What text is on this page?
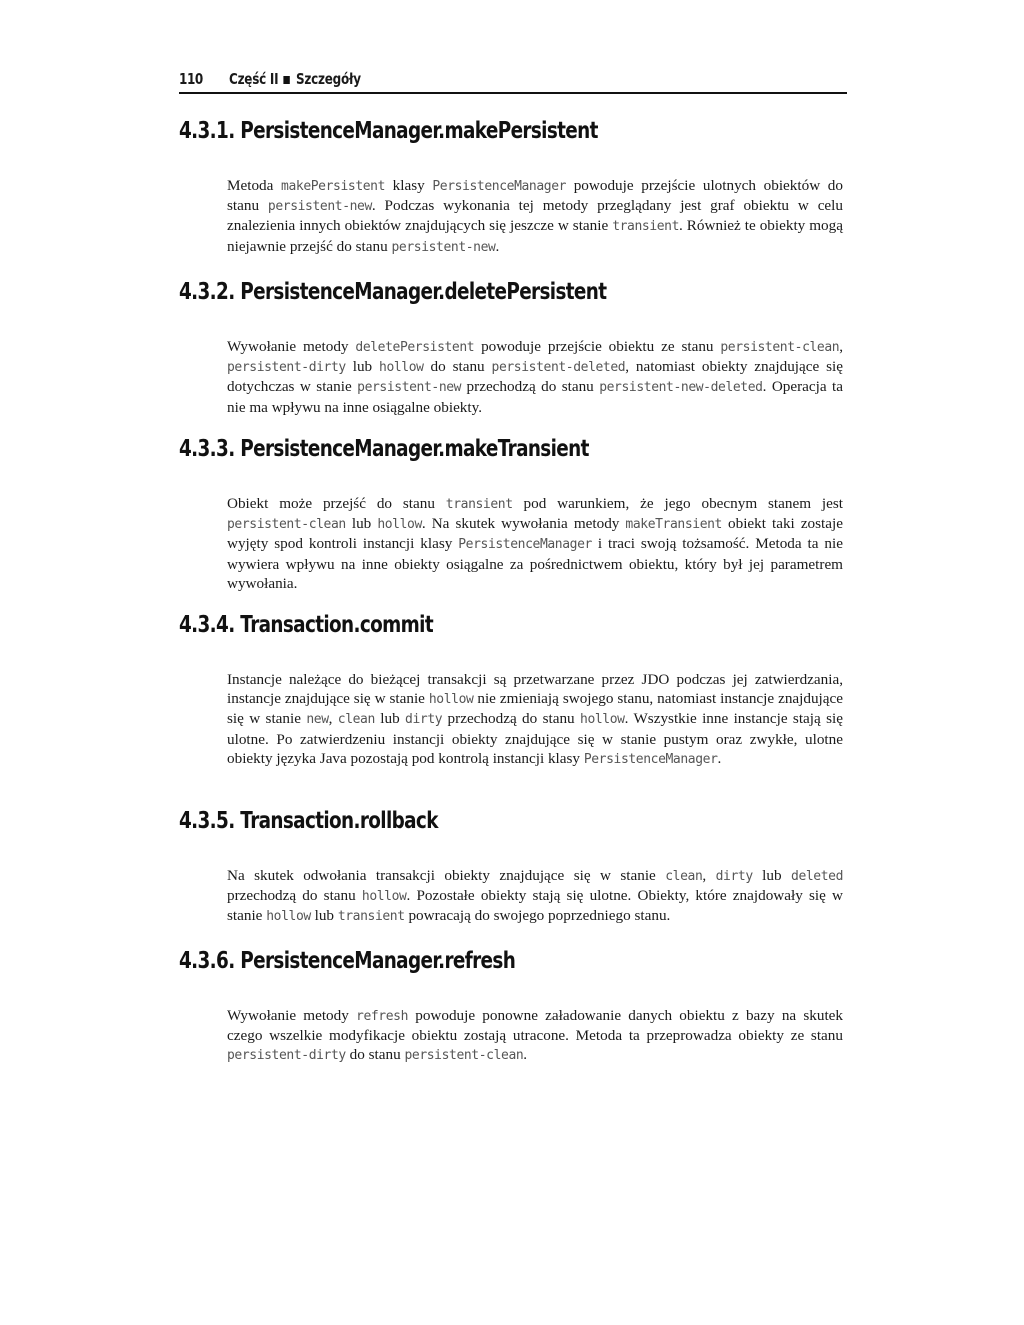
110 Część II Szczegóły
4.3.1. PersistenceManager.makePersistent

Metoda makePersistent klasy PersistenceManager powoduje przejście ulotnych obiektów do stanu persistent-new. Podczas wykonania tej metody przeglądany jest graf obiektu w celu znalezienia innych obiektów znajdujących się jeszcze w stanie transient. Również te obiekty mogą niejawnie przejść do stanu persistent-new.

4.3.2. PersistenceManager.deletePersistent

Wywołanie metody deletePersistent powoduje przejście obiektu ze stanu persistent-clean, persistent-dirty lub hollow do stanu persistent-deleted, natomiast obiekty znajdujące się dotychczas w stanie persistent-new przechodzą do stanu persistent-new-deleted. Operacja ta nie ma wpływu na inne osiągalne obiekty.

4.3.3. PersistenceManager.makeTransient

Obiekt może przejść do stanu transient pod warunkiem, że jego obecnym stanem jest persistent-clean lub hollow. Na skutek wywołania metody makeTransient obiekt taki zostaje wyjęty spod kontroli instancji klasy PersistenceManager i traci swoją tożsamość. Metoda ta nie wywiera wpływu na inne obiekty osiągalne za pośrednictwem obiektu, który był jej parametrem wywołania.

4.3.4. Transaction.commit

Instancje należące do bieżącej transakcji są przetwarzane przez JDO podczas jej zatwierdzania, instancje znajdujące się w stanie hollow nie zmieniają swojego stanu, natomiast instancje znajdujące się w stanie new, clean lub dirty przechodzą do stanu hollow. Wszystkie inne instancje stają się ulotne. Po zatwierdzeniu instancji obiekty znajdujące się w stanie pustym oraz zwykłe, ulotne obiekty języka Java pozostają pod kontrolą instancji klasy PersistenceManager.

4.3.5. Transaction.rollback

Na skutek odwołania transakcji obiekty znajdujące się w stanie clean, dirty lub deleted przechodzą do stanu hollow. Pozostałe obiekty stają się ulotne. Obiekty, które znajdowały się w stanie hollow lub transient powracają do swojego poprzedniego stanu.

4.3.6. PersistenceManager.refresh

Wywołanie metody refresh powoduje ponowne załadowanie danych obiektu z bazy na skutek czego wszelkie modyfikacje obiektu zostają utracone. Metoda ta przeprowadza obiekty ze stanu persistent-dirty do stanu persistent-clean.
